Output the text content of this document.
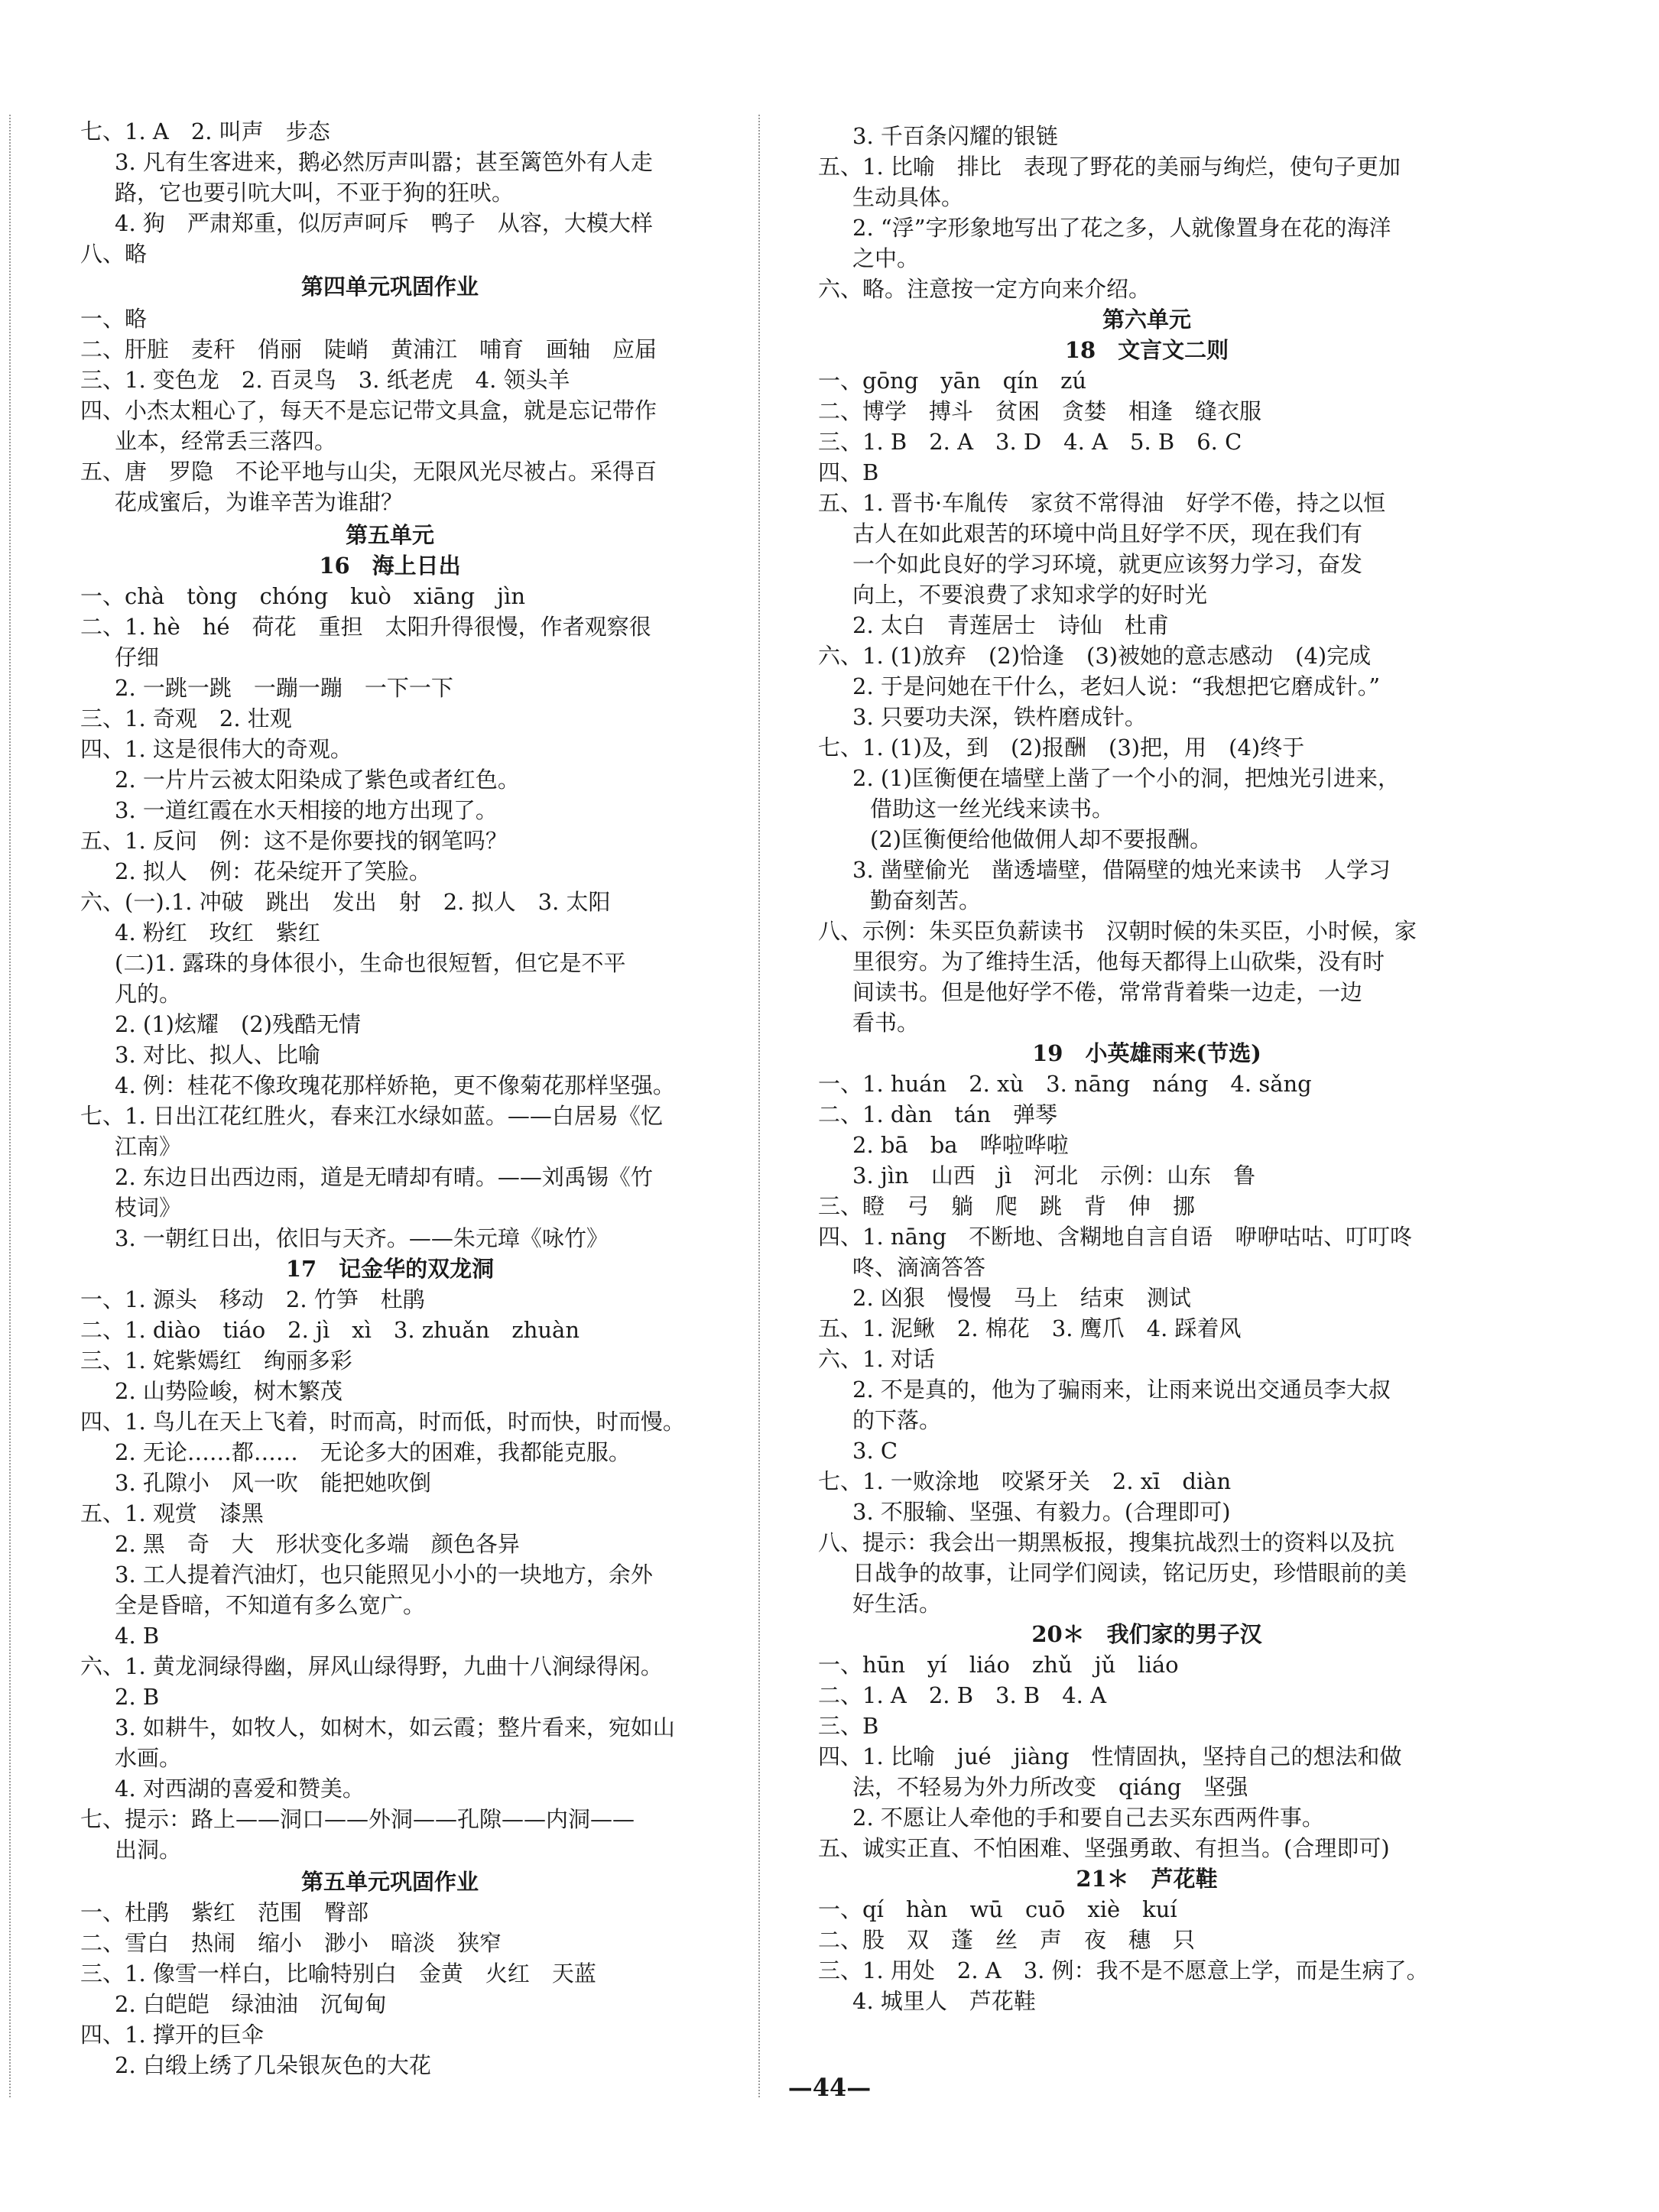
七、1. A　2. 叫声　步态
3. 凡有生客进来，鹅必然厉声叫嚣；甚至篱笆外有人走
路，它也要引吭大叫，不亚于狗的狂吠。
4. 狗　严肃郑重，似厉声呵斥　鸭子　从容，大模大样
八、略
第四单元巩固作业
一、略
二、肝脏　麦秆　俏丽　陡峭　黄浦江　哺育　画轴　应届
三、1. 变色龙　2. 百灵鸟　3. 纸老虎　4. 领头羊
四、小杰太粗心了，每天不是忘记带文具盒，就是忘记带作
业本，经常丢三落四。
五、唐　罗隐　不论平地与山尖，无限风光尽被占。采得百
花成蜜后，为谁辛苦为谁甜？
第五单元
16　海上日出
一、chà　tòng　chóng　kuò　xiāng　jìn
二、1. hè　hé　荷花　重担　太阳升得很慢，作者观察很
仔细
2. 一跳一跳　一蹦一蹦　一下一下
三、1. 奇观　2. 壮观
四、1. 这是很伟大的奇观。
2. 一片片云被太阳染成了紫色或者红色。
3. 一道红霞在水天相接的地方出现了。
五、1. 反问　例：这不是你要找的钢笔吗？
2. 拟人　例：花朵绽开了笑脸。
六、(一).1. 冲破　跳出　发出　射　2. 拟人　3. 太阳
4. 粉红　玫红　紫红
(二)1. 露珠的身体很小，生命也很短暂，但它是不平
凡的。
2. (1)炫耀　(2)残酷无情
3. 对比、拟人、比喻
4. 例：桂花不像玫瑰花那样娇艳，更不像菊花那样坚强。
七、1. 日出江花红胜火，春来江水绿如蓝。——白居易《忆
江南》
2. 东边日出西边雨，道是无晴却有晴。——刘禹锡《竹
枝词》
3. 一朝红日出，依旧与天齐。——朱元璋《咏竹》
17　记金华的双龙洞
一、1. 源头　移动　2. 竹笋　杜鹃
二、1. diào　tiáo　2. jì　xì　3. zhuǎn　zhuàn
三、1. 姹紫嫣红　绚丽多彩
2. 山势险峻，树木繁茂
四、1. 鸟儿在天上飞着，时而高，时而低，时而快，时而慢。
2. 无论……都……　无论多大的困难，我都能克服。
3. 孔隙小　风一吹　能把她吹倒
五、1. 观赏　漆黑
2. 黑　奇　大　形状变化多端　颜色各异
3. 工人提着汽油灯，也只能照见小小的一块地方，余外
全是昏暗，不知道有多么宽广。
4. B
六、1. 黄龙洞绿得幽，屏风山绿得野，九曲十八涧绿得闲。
2. B
3. 如耕牛，如牧人，如树木，如云霞；整片看来，宛如山
水画。
4. 对西湖的喜爱和赞美。
七、提示：路上——洞口——外洞——孔隙——内洞——
出洞。
第五单元巩固作业
一、杜鹃　紫红　范围　臀部
二、雪白　热闹　缩小　渺小　暗淡　狭窄
三、1. 像雪一样白，比喻特别白　金黄　火红　天蓝
2. 白皑皑　绿油油　沉甸甸
四、1. 撑开的巨伞
2. 白缎上绣了几朵银灰色的大花
3. 千百条闪耀的银链
五、1. 比喻　排比　表现了野花的美丽与绚烂，使句子更加
生动具体。
2. “浮”字形象地写出了花之多，人就像置身在花的海洋
之中。
六、略。注意按一定方向来介绍。
第六单元
18　文言文二则
一、gōng　yān　qín　zú
二、博学　搏斗　贫困　贪婪　相逢　缝衣服
三、1. B　2. A　3. D　4. A　5. B　6. C
四、B
五、1. 晋书·车胤传　家贫不常得油　好学不倦，持之以恒
古人在如此艰苦的环境中尚且好学不厌，现在我们有
一个如此良好的学习环境，就更应该努力学习，奋发
向上，不要浪费了求知求学的好时光
2. 太白　青莲居士　诗仙　杜甫
六、1. (1)放弃　(2)恰逢　(3)被她的意志感动　(4)完成
2. 于是问她在干什么，老妇人说：“我想把它磨成针。”
3. 只要功夫深，铁杵磨成针。
七、1. (1)及，到　(2)报酬　(3)把，用　(4)终于
2. (1)匡衡便在墙壁上凿了一个小的洞，把烛光引进来，
借助这一丝光线来读书。
(2)匡衡便给他做佣人却不要报酬。
3. 凿壁偷光　凿透墙壁，借隔壁的烛光来读书　人学习
勤奋刻苦。
八、示例：朱买臣负薪读书　汉朝时候的朱买臣，小时候，家
里很穷。为了维持生活，他每天都得上山砍柴，没有时
间读书。但是他好学不倦，常常背着柴一边走，一边
看书。
19　小英雄雨来(节选)
一、1. huán　2. xù　3. nāng　náng　4. sǎng
二、1. dàn　tán　弹琴
2. bā　ba　哗啦哗啦
3. jìn　山西　jì　河北　示例：山东　鲁
三、瞪　弓　躺　爬　跳　背　伸　挪
四、1. nāng　不断地、含糊地自言自语　咿咿咕咕、叮叮咚
咚、滴滴答答
2. 凶狠　慢慢　马上　结束　测试
五、1. 泥鳅　2. 棉花　3. 鹰爪　4. 踩着风
六、1. 对话
2. 不是真的，他为了骗雨来，让雨来说出交通员李大叔
的下落。
3. C
七、1. 一败涂地　咬紧牙关　2. xī　diàn
3. 不服输、坚强、有毅力。(合理即可)
八、提示：我会出一期黑板报，搜集抗战烈士的资料以及抗
日战争的故事，让同学们阅读，铭记历史，珍惜眼前的美
好生活。
20＊　我们家的男子汉
一、hūn　yí　liáo　zhǔ　jǔ　liáo
二、1. A　2. B　3. B　4. A
三、B
四、1. 比喻　jué　jiàng　性情固执，坚持自己的想法和做
法，不轻易为外力所改变　qiáng　坚强
2. 不愿让人牵他的手和要自己去买东西两件事。
五、诚实正直、不怕困难、坚强勇敢、有担当。(合理即可)
21＊　芦花鞋
一、qí　hàn　wū　cuō　xiè　kuí
二、股　双　蓬　丝　声　夜　穗　只
三、1. 用处　2. A　3. 例：我不是不愿意上学，而是生病了。
4. 城里人　芦花鞋
—44—
